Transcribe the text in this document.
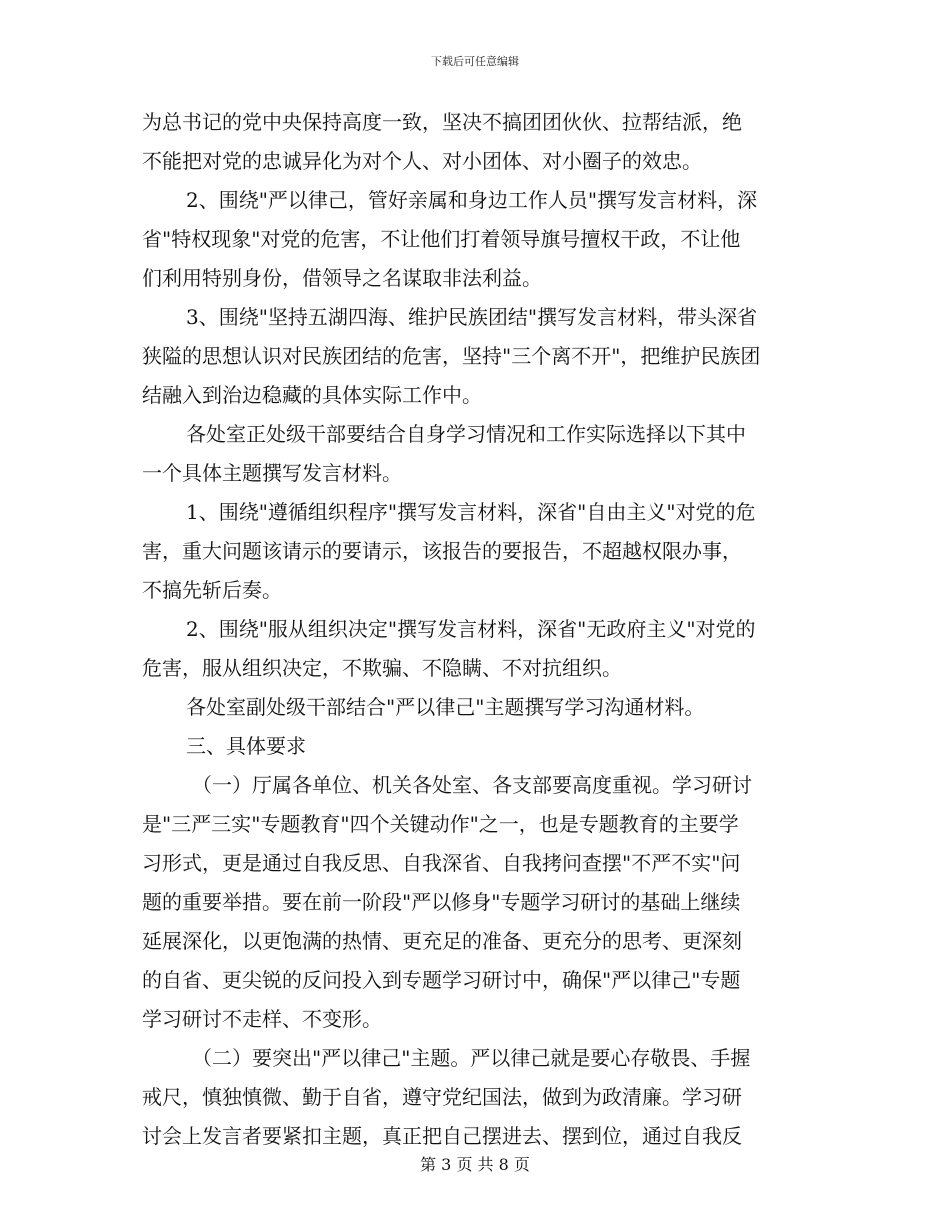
下载后可任意编辑
为总书记的党中央保持高度一致，坚决不搞团团伙伙、拉帮结派，绝
不能把对党的忠诚异化为对个人、对小团体、对小圈子的效忠。
2、围绕"严以律己，管好亲属和身边工作人员"撰写发言材料，深
省"特权现象"对党的危害，不让他们打着领导旗号擅权干政，不让他
们利用特别身份，借领导之名谋取非法利益。
3、围绕"坚持五湖四海、维护民族团结"撰写发言材料，带头深省
狭隘的思想认识对民族团结的危害，坚持"三个离不开"，把维护民族团
结融入到治边稳藏的具体实际工作中。
各处室正处级干部要结合自身学习情况和工作实际选择以下其中
一个具体主题撰写发言材料。
1、围绕"遵循组织程序"撰写发言材料，深省"自由主义"对党的危
害，重大问题该请示的要请示，该报告的要报告，不超越权限办事，
不搞先斩后奏。
2、围绕"服从组织决定"撰写发言材料，深省"无政府主义"对党的
危害，服从组织决定，不欺骗、不隐瞒、不对抗组织。
各处室副处级干部结合"严以律己"主题撰写学习沟通材料。
三、具体要求
（一）厅属各单位、机关各处室、各支部要高度重视。学习研讨
是"三严三实"专题教育"四个关键动作"之一，也是专题教育的主要学
习形式，更是通过自我反思、自我深省、自我拷问查摆"不严不实"问
题的重要举措。要在前一阶段"严以修身"专题学习研讨的基础上继续
延展深化，以更饱满的热情、更充足的准备、更充分的思考、更深刻
的自省、更尖锐的反问投入到专题学习研讨中，确保"严以律己"专题
学习研讨不走样、不变形。
（二）要突出"严以律己"主题。严以律己就是要心存敬畏、手握
戒尺，慎独慎微、勤于自省，遵守党纪国法，做到为政清廉。学习研
讨会上发言者要紧扣主题，真正把自己摆进去、摆到位，通过自我反
第 3 页 共 8 页
